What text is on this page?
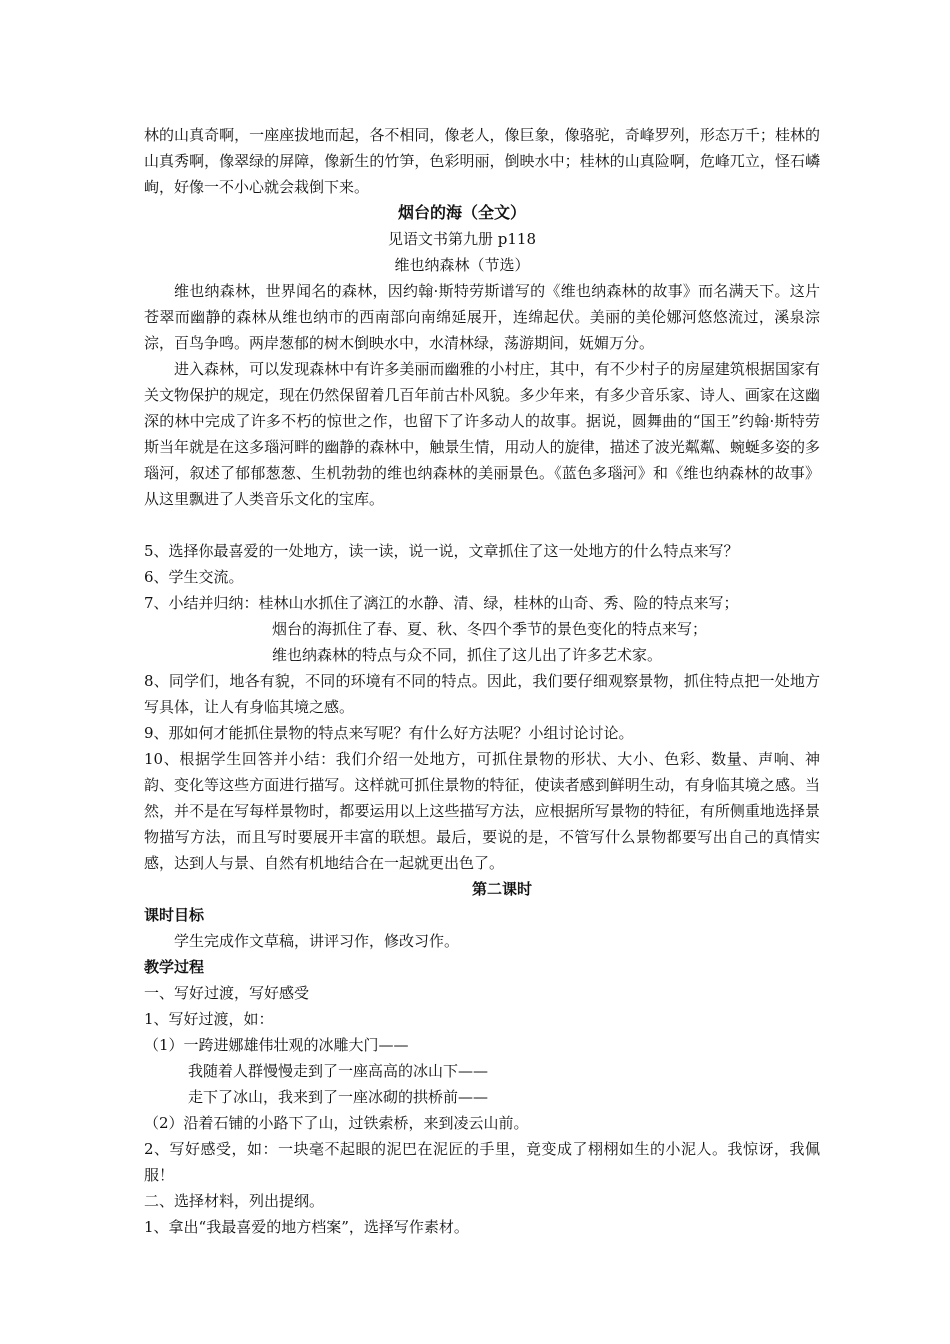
林的山真奇啊，一座座拔地而起，各不相同，像老人，像巨象，像骆驼，奇峰罗列，形态万千；桂林的山真秀啊，像翠绿的屏障，像新生的竹笋，色彩明丽，倒映水中；桂林的山真险啊，危峰兀立，怪石嶙峋，好像一不小心就会栽倒下来。

烟台的海（全文）

见语文书第九册 p118

维也纳森林（节选）

维也纳森林，世界闻名的森林，因约翰·斯特劳斯谱写的《维也纳森林的故事》而名满天下。这片苍翠而幽静的森林从维也纳市的西南部向南绵延展开，连绵起伏。美丽的美伦娜河悠悠流过，溪泉淙淙，百鸟争鸣。两岸葱郁的树木倒映水中，水清林绿，荡游期间，妩媚万分。

进入森林，可以发现森林中有许多美丽而幽雅的小村庄，其中，有不少村子的房屋建筑根据国家有关文物保护的规定，现在仍然保留着几百年前古朴风貌。多少年来，有多少音乐家、诗人、画家在这幽深的林中完成了许多不朽的惊世之作，也留下了许多动人的故事。据说，圆舞曲的“国王”约翰·斯特劳斯当年就是在这多瑙河畔的幽静的森林中，触景生情，用动人的旋律，描述了波光粼粼、蜿蜒多姿的多瑙河，叙述了郁郁葱葱、生机勃勃的维也纳森林的美丽景色。《蓝色多瑙河》和《维也纳森林的故事》从这里飘进了人类音乐文化的宝库。

5、选择你最喜爱的一处地方，读一读，说一说，文章抓住了这一处地方的什么特点来写？

6、学生交流。

7、小结并归纳：桂林山水抓住了漓江的水静、清、绿，桂林的山奇、秀、险的特点来写；

烟台的海抓住了春、夏、秋、冬四个季节的景色变化的特点来写；

维也纳森林的特点与众不同，抓住了这儿出了许多艺术家。

8、同学们，地各有貌，不同的环境有不同的特点。因此，我们要仔细观察景物，抓住特点把一处地方写具体，让人有身临其境之感。

9、那如何才能抓住景物的特点来写呢？有什么好方法呢？小组讨论讨论。

10、根据学生回答并小结：我们介绍一处地方，可抓住景物的形状、大小、色彩、数量、声响、神韵、变化等这些方面进行描写。这样就可抓住景物的特征，使读者感到鲜明生动，有身临其境之感。当然，并不是在写每样景物时，都要运用以上这些描写方法，应根据所写景物的特征，有所侧重地选择景物描写方法，而且写时要展开丰富的联想。最后，要说的是，不管写什么景物都要写出自己的真情实感，达到人与景、自然有机地结合在一起就更出色了。

第二课时

课时目标

学生完成作文草稿，讲评习作，修改习作。

教学过程

一、写好过渡，写好感受

1、写好过渡，如：

（1）一跨进娜雄伟壮观的冰雕大门——

我随着人群慢慢走到了一座高高的冰山下——

走下了冰山，我来到了一座冰砌的拱桥前——

（2）沿着石铺的小路下了山，过铁索桥，来到凌云山前。

2、写好感受，如：一块毫不起眼的泥巴在泥匠的手里，竟变成了栩栩如生的小泥人。我惊讶，我佩服！

二、选择材料，列出提纲。

1、拿出“我最喜爱的地方档案”，选择写作素材。
